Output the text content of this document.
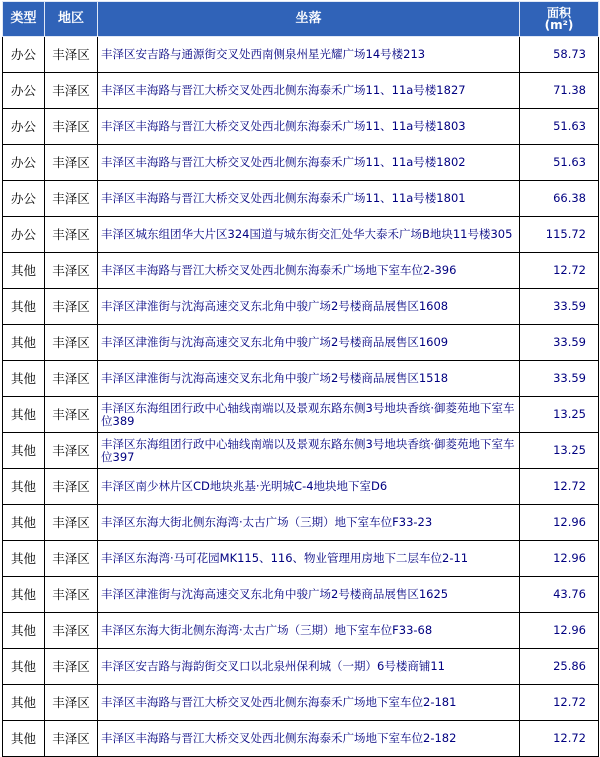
类型	地区	坐落	面积
(m²)
办公	丰泽区	丰泽区安吉路与通源街交叉处西南侧泉州星光耀广场14号楼213	58.73
办公	丰泽区	丰泽区丰海路与晋江大桥交叉处西北侧东海泰禾广场11、11a号楼1827	71.38
办公	丰泽区	丰泽区丰海路与晋江大桥交叉处西北侧东海泰禾广场11、11a号楼1803	51.63
办公	丰泽区	丰泽区丰海路与晋江大桥交叉处西北侧东海泰禾广场11、11a号楼1802	51.63
办公	丰泽区	丰泽区丰海路与晋江大桥交叉处西北侧东海泰禾广场11、11a号楼1801	66.38
办公	丰泽区	丰泽区城东组团华大片区324国道与城东街交汇处华大泰禾广场B地块11号楼305	115.72
其他	丰泽区	丰泽区丰海路与晋江大桥交叉处西北侧东海泰禾广场地下室车位2-396	12.72
其他	丰泽区	丰泽区津淮街与沈海高速交叉东北角中骏广场2号楼商品展售区1608	33.59
其他	丰泽区	丰泽区津淮街与沈海高速交叉东北角中骏广场2号楼商品展售区1609	33.59
其他	丰泽区	丰泽区津淮街与沈海高速交叉东北角中骏广场2号楼商品展售区1518	33.59
其他	丰泽区	丰泽区东海组团行政中心轴线南端以及景观东路东侧3号地块香缤·御菱苑地下室车位389	13.25
其他	丰泽区	丰泽区东海组团行政中心轴线南端以及景观东路东侧3号地块香缤·御菱苑地下室车位397	13.25
其他	丰泽区	丰泽区南少林片区CD地块兆基·光明城C-4地块地下室D6	12.72
其他	丰泽区	丰泽区东海大街北侧东海湾·太古广场（三期）地下室车位F33-23	12.96
其他	丰泽区	丰泽区东海湾·马可花园MK115、116、物业管理用房地下二层车位2-11	12.96
其他	丰泽区	丰泽区津淮街与沈海高速交叉东北角中骏广场2号楼商品展售区1625	43.76
其他	丰泽区	丰泽区东海大街北侧东海湾·太古广场（三期）地下室车位F33-68	12.96
其他	丰泽区	丰泽区安吉路与海韵街交叉口以北泉州保利城（一期）6号楼商铺11	25.86
其他	丰泽区	丰泽区丰海路与晋江大桥交叉处西北侧东海泰禾广场地下室车位2-181	12.72
其他	丰泽区	丰泽区丰海路与晋江大桥交叉处西北侧东海泰禾广场地下室车位2-182	12.72
